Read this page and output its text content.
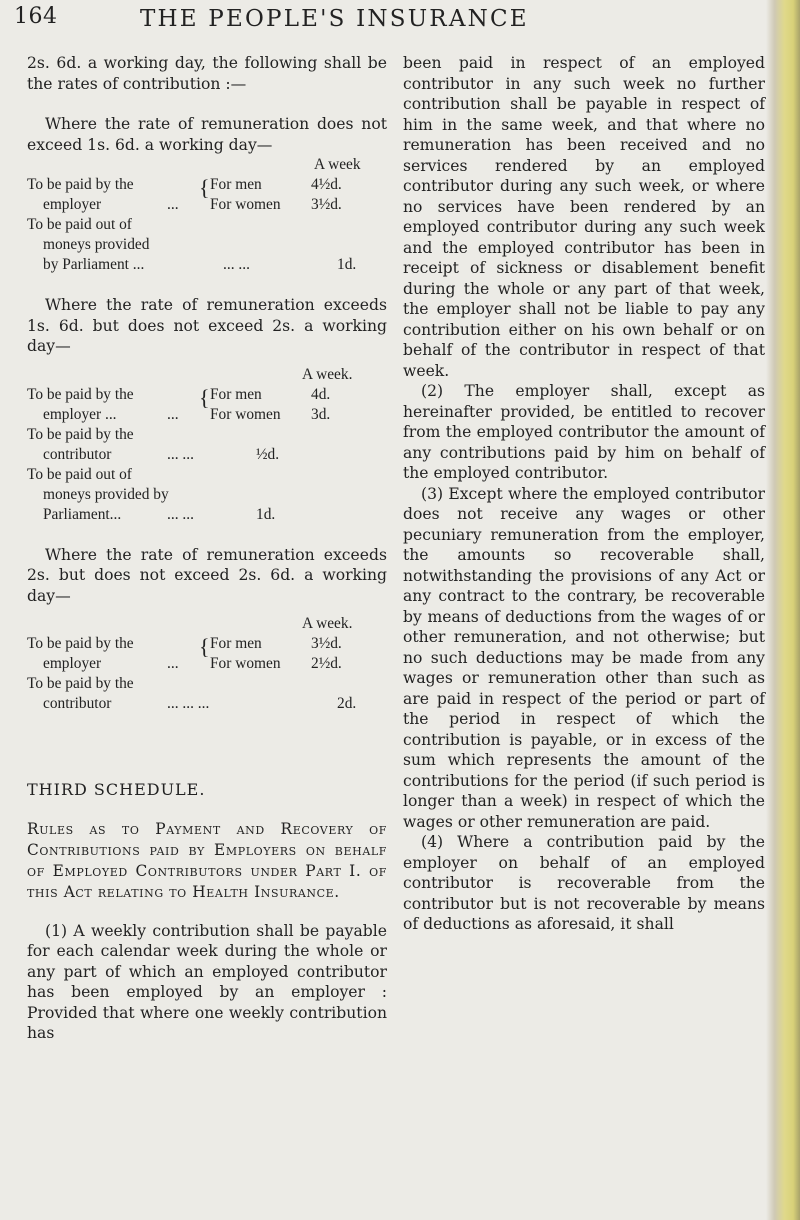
164	THE PEOPLE'S INSURANCE

2s. 6d. a working day, the following shall be the rates of contribution :—

Where the rate of remuneration does not exceed 1s. 6d. a working day—

A week
To be paid by the	{ For men	4½d.
employer	... For women 3½d.
To be paid out of
moneys provided
by Parliament ...	... ...	1d.

Where the rate of remuneration exceeds 1s. 6d. but does not exceed 2s. a working day—

A week.
To be paid by the	{ For men	4d.
employer ...	... For women 3d.
To be paid by the
contributor	... ...	½d.
To be paid out of
moneys provided by
Parliament...	... ...	1d.

Where the rate of remuneration exceeds 2s. but does not exceed 2s. 6d. a working day—

A week.
To be paid by the	{ For men	3½d.
employer	... For women 2½d.
To be paid by the
contributor	... ... ...	2d.

THIRD SCHEDULE.

Rules as to Payment and Recovery of Contributions paid by Employers on behalf of Employed Contributors under Part I. of this Act relating to Health Insurance.

(1) A weekly contribution shall be payable for each calendar week during the whole or any part of which an employed contributor has been employed by an employer : Provided that where one weekly contribution has

been paid in respect of an employed contributor in any such week no further contribution shall be payable in respect of him in the same week, and that where no remuneration has been received and no services rendered by an employed contributor during any such week, or where no services have been rendered by an employed contributor during any such week and the employed contributor has been in receipt of sickness or disablement benefit during the whole or any part of that week, the employer shall not be liable to pay any contribution either on his own behalf or on behalf of the contributor in respect of that week.

(2) The employer shall, except as hereinafter provided, be entitled to recover from the employed contributor the amount of any contributions paid by him on behalf of the employed contributor.

(3) Except where the employed contributor does not receive any wages or other pecuniary remuneration from the employer, the amounts so recoverable shall, notwithstanding the provisions of any Act or any contract to the contrary, be recoverable by means of deductions from the wages of or other remuneration, and not otherwise; but no such deductions may be made from any wages or remuneration other than such as are paid in respect of the period or part of the period in respect of which the contribution is payable, or in excess of the sum which represents the amount of the contributions for the period (if such period is longer than a week) in respect of which the wages or other remuneration are paid.

(4) Where a contribution paid by the employer on behalf of an employed contributor is recoverable from the contributor but is not recoverable by means of deductions as aforesaid, it shall
